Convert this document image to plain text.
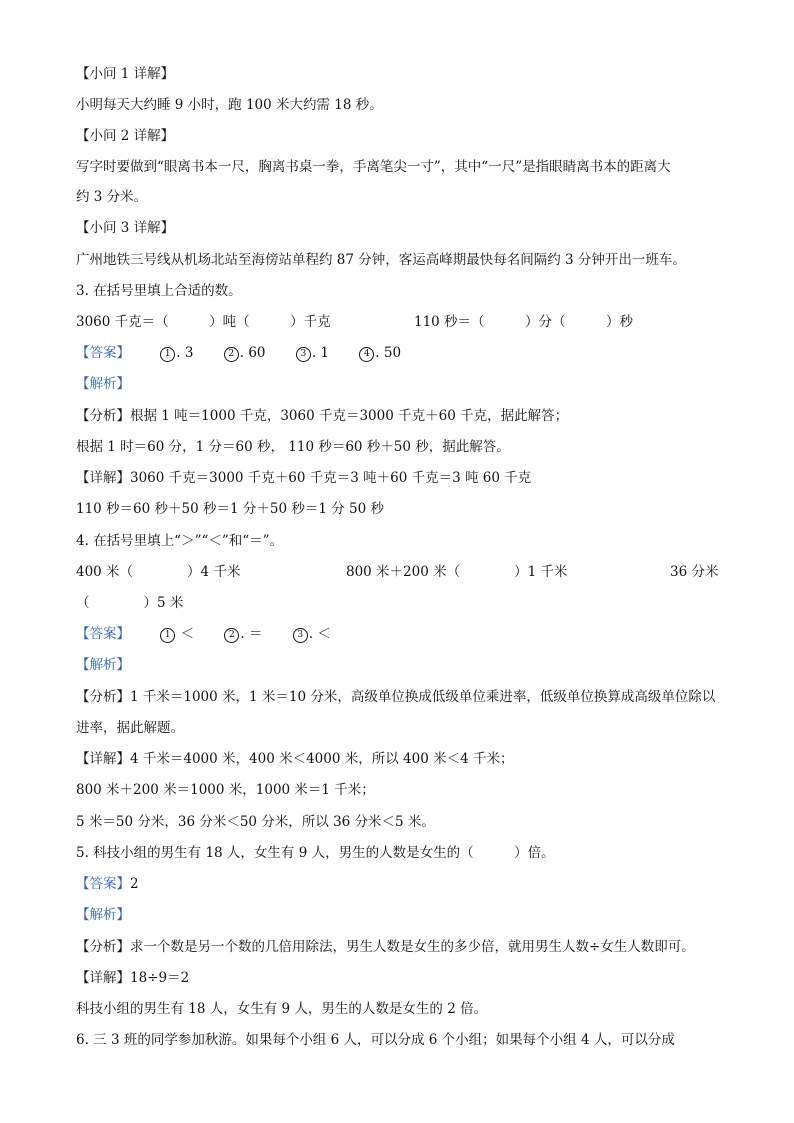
【小问 1 详解】
小明每天大约睡 9 小时，跑 100 米大约需 18 秒。
【小问 2 详解】
写字时要做到“眼离书本一尺，胸离书桌一拳，手离笔尖一寸”，其中“一尺”是指眼睛离书本的距离大
约 3 分米。
【小问 3 详解】
广州地铁三号线从机场北站至海傍站单程约 87 分钟，客运高峰期最快每名间隔约 3 分钟开出一班车。
3. 在括号里填上合适的数。
3060 千克＝（　　　）吨（　　　）千克	110 秒＝（　　　）分（　　　）秒
【答案】	1 . 3	2 . 60	3 . 1	4 . 50
【解析】
【分析】根据 1 吨＝1000 千克，3060 千克＝3000 千克＋60 千克，据此解答；
根据 1 时＝60 分，1 分＝60 秒， 110 秒＝60 秒＋50 秒，据此解答。
【详解】3060 千克＝3000 千克＋60 千克＝3 吨＋60 千克＝3 吨 60 千克
110 秒＝60 秒＋50 秒＝1 分＋50 秒＝1 分 50 秒
4. 在括号里填上“＞”“＜”和“＝”。
400 米（　　　　）4 千米	800 米＋200 米（　　　　）1 千米	36 分米
（　　　　）5 米
【答案】	1 ＜	2 . ＝	3 . ＜
【解析】
【分析】1 千米＝1000 米，1 米＝10 分米，高级单位换成低级单位乘进率，低级单位换算成高级单位除以
进率，据此解题。
【详解】4 千米＝4000 米，400 米＜4000 米，所以 400 米＜4 千米；
800 米＋200 米＝1000 米，1000 米＝1 千米；
5 米＝50 分米，36 分米＜50 分米，所以 36 分米＜5 米。
5. 科技小组的男生有 18 人，女生有 9 人，男生的人数是女生的（　　　）倍。
【答案】2
【解析】
【分析】求一个数是另一个数的几倍用除法，男生人数是女生的多少倍，就用男生人数÷女生人数即可。
【详解】18÷9＝2
科技小组的男生有 18 人，女生有 9 人，男生的人数是女生的 2 倍。
6. 三 3 班的同学参加秋游。如果每个小组 6 人，可以分成 6 个小组；如果每个小组 4 人，可以分成
